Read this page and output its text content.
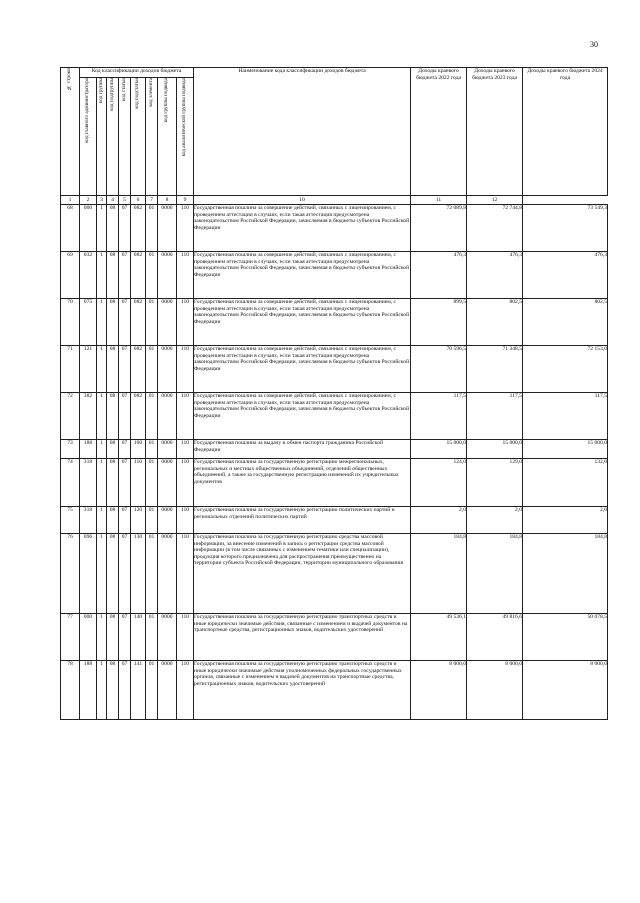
30
№ строки	Код классификации доходов бюджета								Наименование кода классификации доходов бюджета	Доходы краевого бюджета 2022 года	Доходы краевого бюджета 2023 года	Доходы краевого бюджета 2024 года
	код главного администратора	код группы	код подгруппы	код статьи	код подстатьи	код элемента	код группы подвида	код аналитической группы подвида				
1	2	3	4	5	6	7	8	9	10	11	12	
68	000	1	08	07	082	01	0000	110	Государственная пошлина за совершение действий, связанных с лицензированием, с проведением аттестации в случаях, если такая аттестация предусмотрена законодательством Российской Федерации, зачисляемая в бюджеты субъектов Российской Федерации	72 089,8	72 744,8	73 549,3
69	032	1	08	07	082	01	0000	110	Государственная пошлина за совершение действий, связанных с лицензированием, с проведением аттестации в случаях, если такая аттестация предусмотрена законодательством Российской Федерации, зачисляемая в бюджеты субъектов Российской Федерации	476,3	476,3	476,3
70	075	1	08	07	082	01	0000	110	Государственная пошлина за совершение действий, связанных с лицензированием, с проведением аттестации в случаях, если такая аттестация предусмотрена законодательством Российской Федерации, зачисляемая в бюджеты субъектов Российской Федерации	899,5	802,5	802,5
71	121	1	08	07	082	01	0000	110	Государственная пошлина за совершение действий, связанных с лицензированием, с проведением аттестации в случаях, если такая аттестация предусмотрена законодательством Российской Федерации, зачисляемая в бюджеты субъектов Российской Федерации	70 596,5	71 348,5	72 153,0
72	382	1	08	07	082	01	0000	110	Государственная пошлина за совершение действий, связанных с лицензированием, с проведением аттестации в случаях, если такая аттестация предусмотрена законодательством Российской Федерации, зачисляемая в бюджеты субъектов Российской Федерации	117,5	117,5	117,5
73	188	1	08	07	100	01	0000	110	Государственная пошлина за выдачу и обмен паспорта гражданина Российской Федерации	15 000,0	15 000,0	15 000,0
74	318	1	08	07	110	01	0000	110	Государственная пошлина за государственную регистрацию межрегиональных, региональных и местных общественных объединений, отделений общественных объединений, а также за государственную регистрацию изменений их учредительных документов	124,0	129,0	132,0
75	318	1	08	07	120	01	0000	110	Государственная пошлина за государственную регистрацию политических партий и региональных отделений политических партий	2,0	2,0	2,0
76	096	1	08	07	130	01	0000	110	Государственная пошлина за государственную регистрацию средства массовой информации, за внесение изменений в запись о регистрации средства массовой информации (в том числе связанных с изменением тематики или специализации), продукция которого предназначена для распространения преимущественно на территории субъекта Российской Федерации, территории муниципального образования	184,8	184,8	184,8
77	000	1	08	07	140	01	0000	110	Государственная пошлина за государственную регистрацию транспортных средств и иные юридически значимые действия, связанные с изменением и выдачей документов на транспортные средства, регистрационных знаков, водительских удостоверений	49 536,1	49 816,6	50 078,5
78	188	1	08	07	141	01	0000	110	Государственная пошлина за государственную регистрацию транспортных средств и иные юридически значимые действия уполномоченных федеральных государственных органов, связанные с изменением и выдачей документов на транспортные средства, регистрационных знаков, водительских удостоверений	8 000,0	8 000,0	8 000,0
